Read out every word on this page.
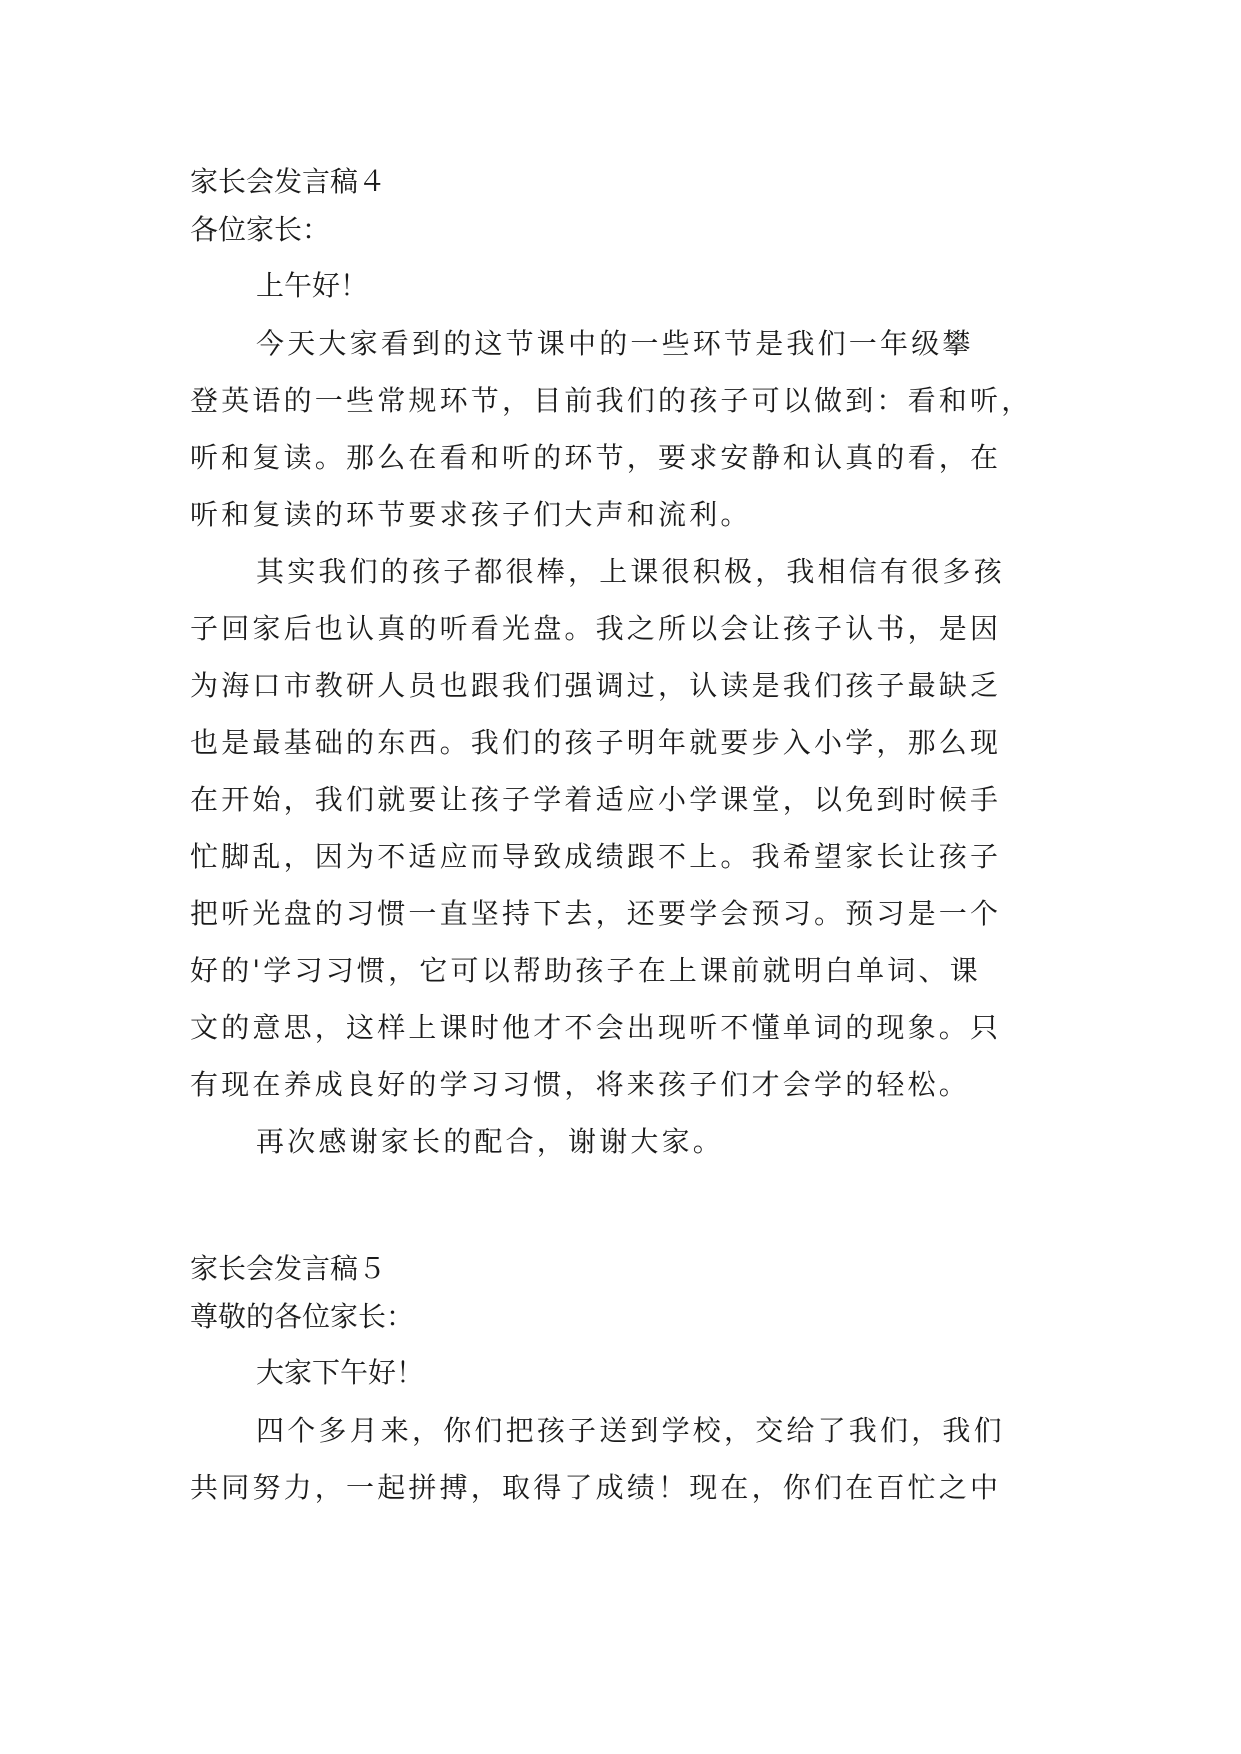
家长会发言稿４
各位家长：
上午好！
今天大家看到的这节课中的一些环节是我们一年级攀
登英语的一些常规环节，目前我们的孩子可以做到：看和听，
听和复读。那么在看和听的环节，要求安静和认真的看，在
听和复读的环节要求孩子们大声和流利。
其实我们的孩子都很棒，上课很积极，我相信有很多孩
子回家后也认真的听看光盘。我之所以会让孩子认书，是因
为海口市教研人员也跟我们强调过，认读是我们孩子最缺乏
也是最基础的东西。我们的孩子明年就要步入小学，那么现
在开始，我们就要让孩子学着适应小学课堂，以免到时候手
忙脚乱，因为不适应而导致成绩跟不上。我希望家长让孩子
把听光盘的习惯一直坚持下去，还要学会预习。预习是一个
好的'学习习惯，它可以帮助孩子在上课前就明白单词、课
文的意思，这样上课时他才不会出现听不懂单词的现象。只
有现在养成良好的学习习惯，将来孩子们才会学的轻松。
再次感谢家长的配合，谢谢大家。
家长会发言稿５
尊敬的各位家长：
大家下午好！
四个多月来，你们把孩子送到学校，交给了我们，我们
共同努力，一起拼搏，取得了成绩！现在，你们在百忙之中
